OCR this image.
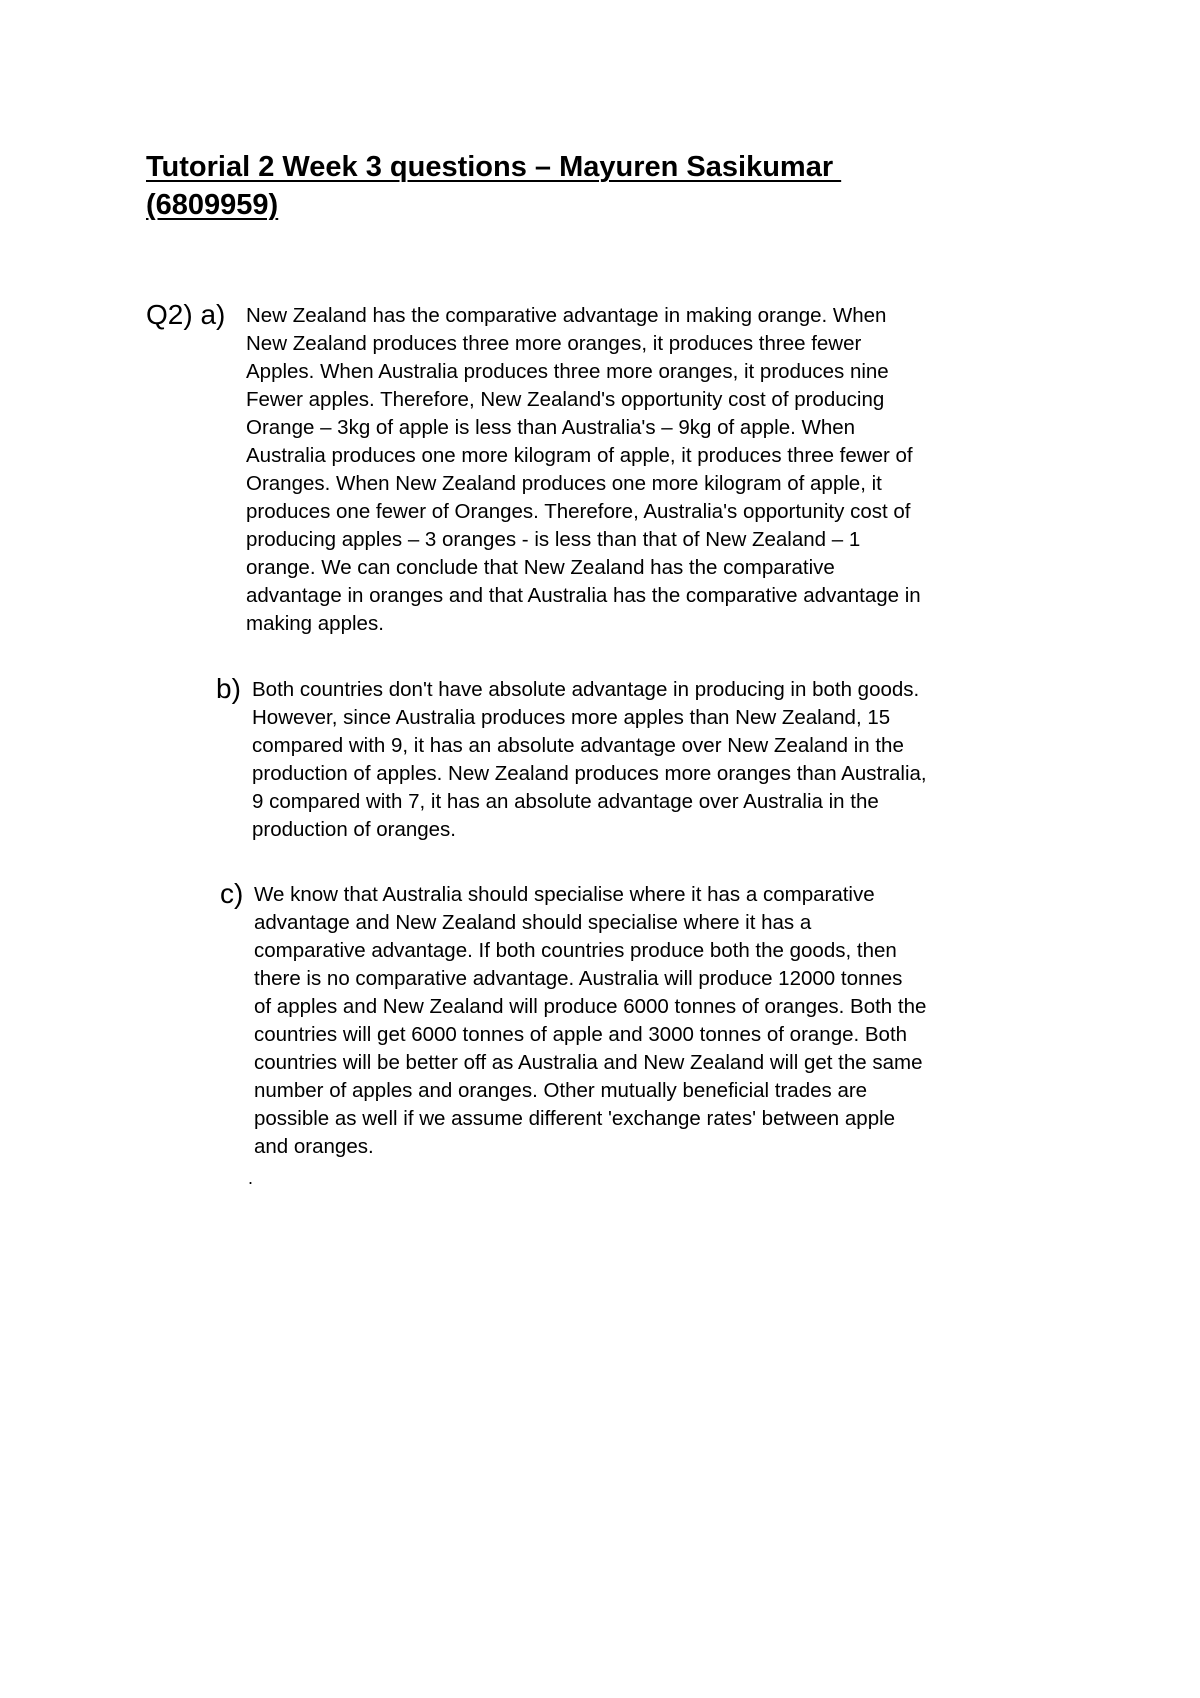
Tutorial 2 Week 3 questions – Mayuren Sasikumar
(6809959)
Q2) a) New Zealand has the comparative advantage in making orange. When
New Zealand produces three more oranges, it produces three fewer
Apples. When Australia produces three more oranges, it produces nine
Fewer apples. Therefore, New Zealand's opportunity cost of producing
Orange – 3kg of apple is less than Australia's – 9kg of apple. When
Australia produces one more kilogram of apple, it produces three fewer of
Oranges. When New Zealand produces one more kilogram of apple, it
produces one fewer of Oranges. Therefore, Australia's opportunity cost of
producing apples – 3 oranges - is less than that of New Zealand – 1
orange. We can conclude that New Zealand has the comparative
advantage in oranges and that Australia has the comparative advantage in
making apples.
b) Both countries don't have absolute advantage in producing in both goods.
However, since Australia produces more apples than New Zealand, 15
compared with 9, it has an absolute advantage over New Zealand in the
production of apples. New Zealand produces more oranges than Australia,
9 compared with 7, it has an absolute advantage over Australia in the
production of oranges.
c) We know that Australia should specialise where it has a comparative
advantage and New Zealand should specialise where it has a
comparative advantage. If both countries produce both the goods, then
there is no comparative advantage. Australia will produce 12000 tonnes
of apples and New Zealand will produce 6000 tonnes of oranges. Both the
countries will get 6000 tonnes of apple and 3000 tonnes of orange. Both
countries will be better off as Australia and New Zealand will get the same
number of apples and oranges. Other mutually beneficial trades are
possible as well if we assume different 'exchange rates' between apple
and oranges.
.
